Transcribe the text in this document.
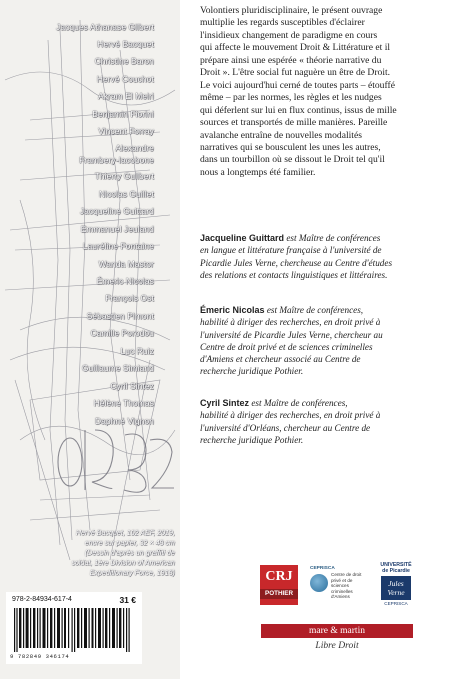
Jacques Athanase Gilbert
Hervé Bacquet
Christine Baron
Hervé Couchot
Akram El Meiri
Benjamin Fiorini
Vincent Forray
Alexandre
Frambery-Iacobone
Thierry Guilbert
Nicolas Guillet
Jacqueline Guittard
Emmanuel Jeuland
Lauréline Fontaine
Wanda Mastor
Émeric Nicolas
François Ost
Sébastien Pimont
Camille Porodou
Luc Ruiz
Guillaume Simiand
Cyril Sintez
Hélène Thomas
Daphné Vignon
Hervé Bacquet, 102 AEF, 2019,
encre sur papier, 32 × 48 cm
(Dessin d'après un graffiti de
soldat, 1ère Division of American
Expeditionary Force, 1918)
978-2-84934-617-4	31 €
9 782849 346174
Volontiers pluridisciplinaire, le présent ouvrage
multiplie les regards susceptibles d'éclairer
l'insidieux changement de paradigme en cours
qui affecte le mouvement Droit & Littérature et il
prépare ainsi une espérée « théorie narrative du
Droit ». L'être social fut naguère un être de Droit.
Le voici aujourd'hui cerné de toutes parts – étouffé
même – par les normes, les règles et les nudges
qui déferlent sur lui en flux continus, issus de mille
sources et transportés de mille manières. Pareille
avalanche entraîne de nouvelles modalités
narratives qui se bousculent les unes les autres,
dans un tourbillon où se dissout le Droit tel qu'il
nous a longtemps été familier.
Jacqueline Guittard est Maître de conférences
en langue et littérature française à l'université de
Picardie Jules Verne, chercheuse au Centre d'études
des relations et contacts linguistiques et littéraires.
Émeric Nicolas est Maître de conférences,
habilité à diriger des recherches, en droit privé à
l'université de Picardie Jules Verne, chercheur au
Centre de droit privé et de sciences criminelles
d'Amiens et chercheur associé au Centre de
recherche juridique Pothier.
Cyril Sintez est Maître de conférences,
habilité à diriger des recherches, en droit privé à
l'université d'Orléans, chercheur au Centre de
recherche juridique Pothier.
CRJ
POTHIER
CEPRISCA
Centre de droit privé et de sciences criminelles d'Amiens
UNIVERSITÉ
de Picardie
Jules
Verne
CEPRISCA
mare & martin
Libre Droit
